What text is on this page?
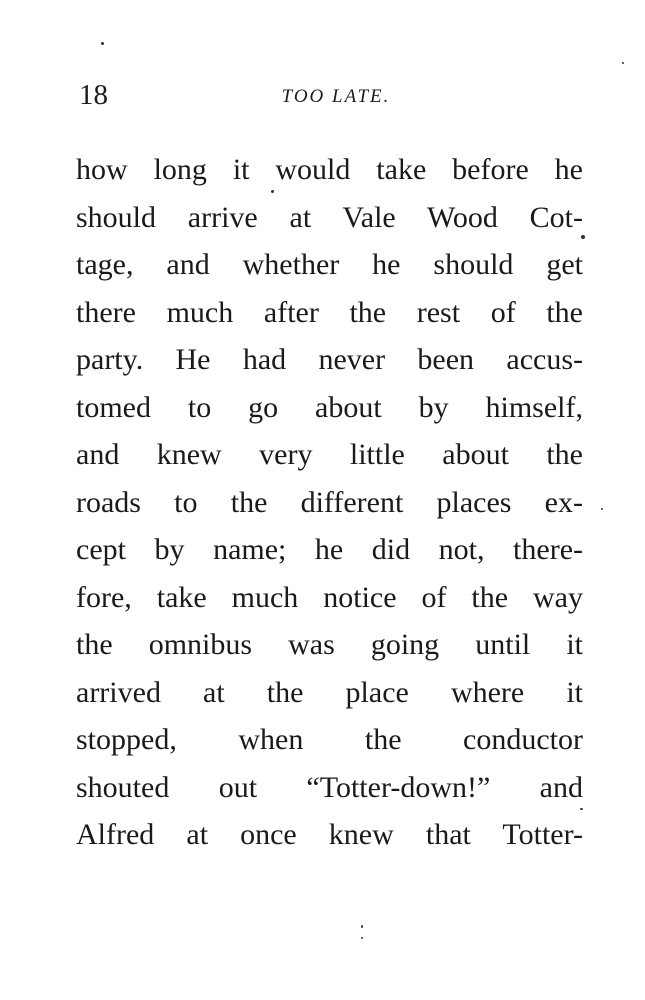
18	TOO LATE.
how long it would take before he
should arrive at Vale Wood Cot-
tage, and whether he should get
there much after the rest of the
party. He had never been accus-
tomed to go about by himself,
and knew very little about the
roads to the different places ex-
cept by name; he did not, there-
fore, take much notice of the way
the omnibus was going until it
arrived at the place where it
stopped, when the conductor
shouted out “Totter-down!” and
Alfred at once knew that Totter-
